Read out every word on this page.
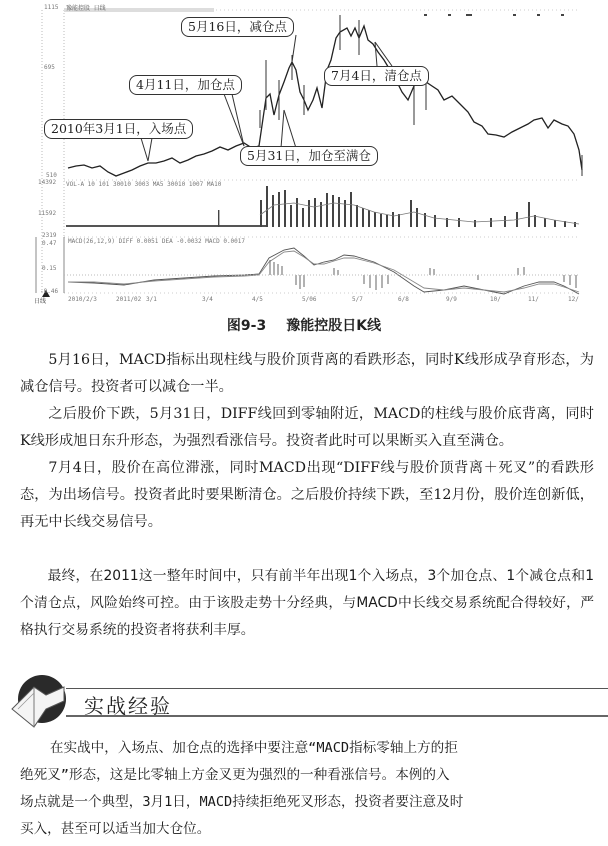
1115
695
510
14392
11592
2319
0.47
0.15
-0.46
豫能控股 日线
VOL-A 10 101 30010 3003 MA5 30010 1007 MA10
MACD(26,12,9) DIFF 0.0051 DEA -0.0032 MACD 0.0017
日线	2010/2/3	2011/02 3/1	3/4	4/5	5/06	5/7	6/8	9/9	10/	11/	12/
2010年3月1日，入场点
4月11日，加仓点
5月16日，减仓点
5月31日，加仓至满仓
7月4日，清仓点
图9-3 豫能控股日K线
5月16日，MACD指标出现柱线与股价顶背离的看跌形态，同时K线形成孕育形态，为减仓信号。投资者可以减仓一半。
之后股价下跌，5月31日，DIFF线回到零轴附近，MACD的柱线与股价底背离，同时K线形成旭日东升形态，为强烈看涨信号。投资者此时可以果断买入直至满仓。
7月4日，股价在高位滞涨，同时MACD出现“DIFF线与股价顶背离＋死叉”的看跌形态，为出场信号。投资者此时要果断清仓。之后股价持续下跌，至12月份，股价连创新低，再无中长线交易信号。
最终，在2011这一整年时间中，只有前半年出现1个入场点，3个加仓点、1个减仓点和1个清仓点，风险始终可控。由于该股走势十分经典，与MACD中长线交易系统配合得较好，严格执行交易系统的投资者将获利丰厚。
实战经验
在实战中，入场点、加仓点的选择中要注意“MACD指标零轴上方的拒
绝死叉”形态，这是比零轴上方金叉更为强烈的一种看涨信号。本例的入
场点就是一个典型，3月1日，MACD持续拒绝死叉形态，投资者要注意及时
买入，甚至可以适当加大仓位。
